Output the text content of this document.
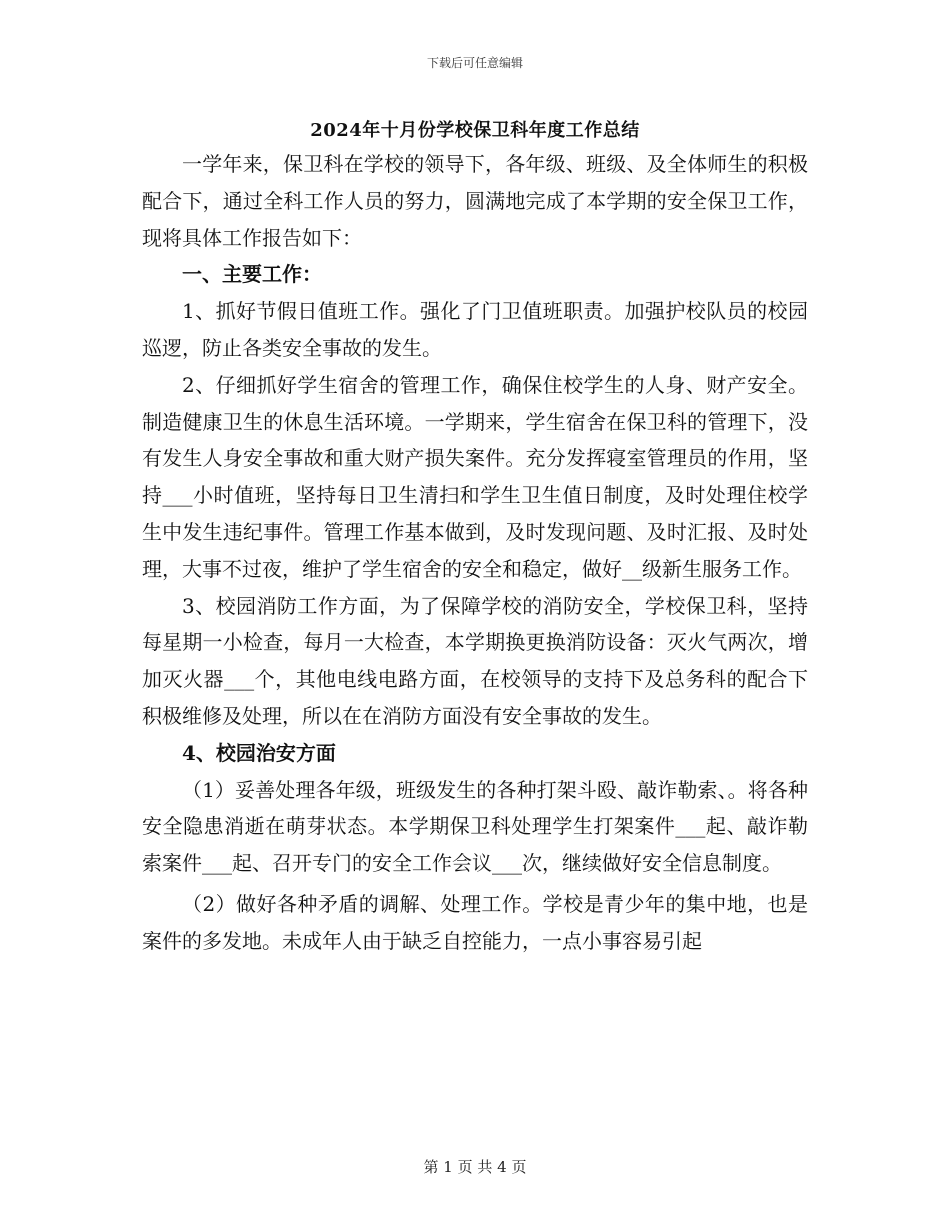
下载后可任意编辑
2024年十月份学校保卫科年度工作总结

一学年来，保卫科在学校的领导下，各年级、班级、及全体师生的积极配合下，通过全科工作人员的努力，圆满地完成了本学期的安全保卫工作，现将具体工作报告如下：

一、主要工作：

1、抓好节假日值班工作。强化了门卫值班职责。加强护校队员的校园巡逻，防止各类安全事故的发生。

2、仔细抓好学生宿舍的管理工作，确保住校学生的人身、财产安全。制造健康卫生的休息生活环境。一学期来，学生宿舍在保卫科的管理下，没有发生人身安全事故和重大财产损失案件。充分发挥寝室管理员的作用，坚持___小时值班，坚持每日卫生清扫和学生卫生值日制度，及时处理住校学生中发生违纪事件。管理工作基本做到，及时发现问题、及时汇报、及时处理，大事不过夜，维护了学生宿舍的安全和稳定，做好__级新生服务工作。

3、校园消防工作方面，为了保障学校的消防安全，学校保卫科，坚持每星期一小检查，每月一大检查，本学期换更换消防设备：灭火气两次，增加灭火器___个，其他电线电路方面，在校领导的支持下及总务科的配合下积极维修及处理，所以在在消防方面没有安全事故的发生。

4、校园治安方面

（1）妥善处理各年级，班级发生的各种打架斗殴、敲诈勒索、。将各种安全隐患消逝在萌芽状态。本学期保卫科处理学生打架案件___起、敲诈勒索案件___起、召开专门的安全工作会议___次，继续做好安全信息制度。

（2）做好各种矛盾的调解、处理工作。学校是青少年的集中地，也是案件的多发地。未成年人由于缺乏自控能力，一点小事容易引起

第 1 页 共 4 页
